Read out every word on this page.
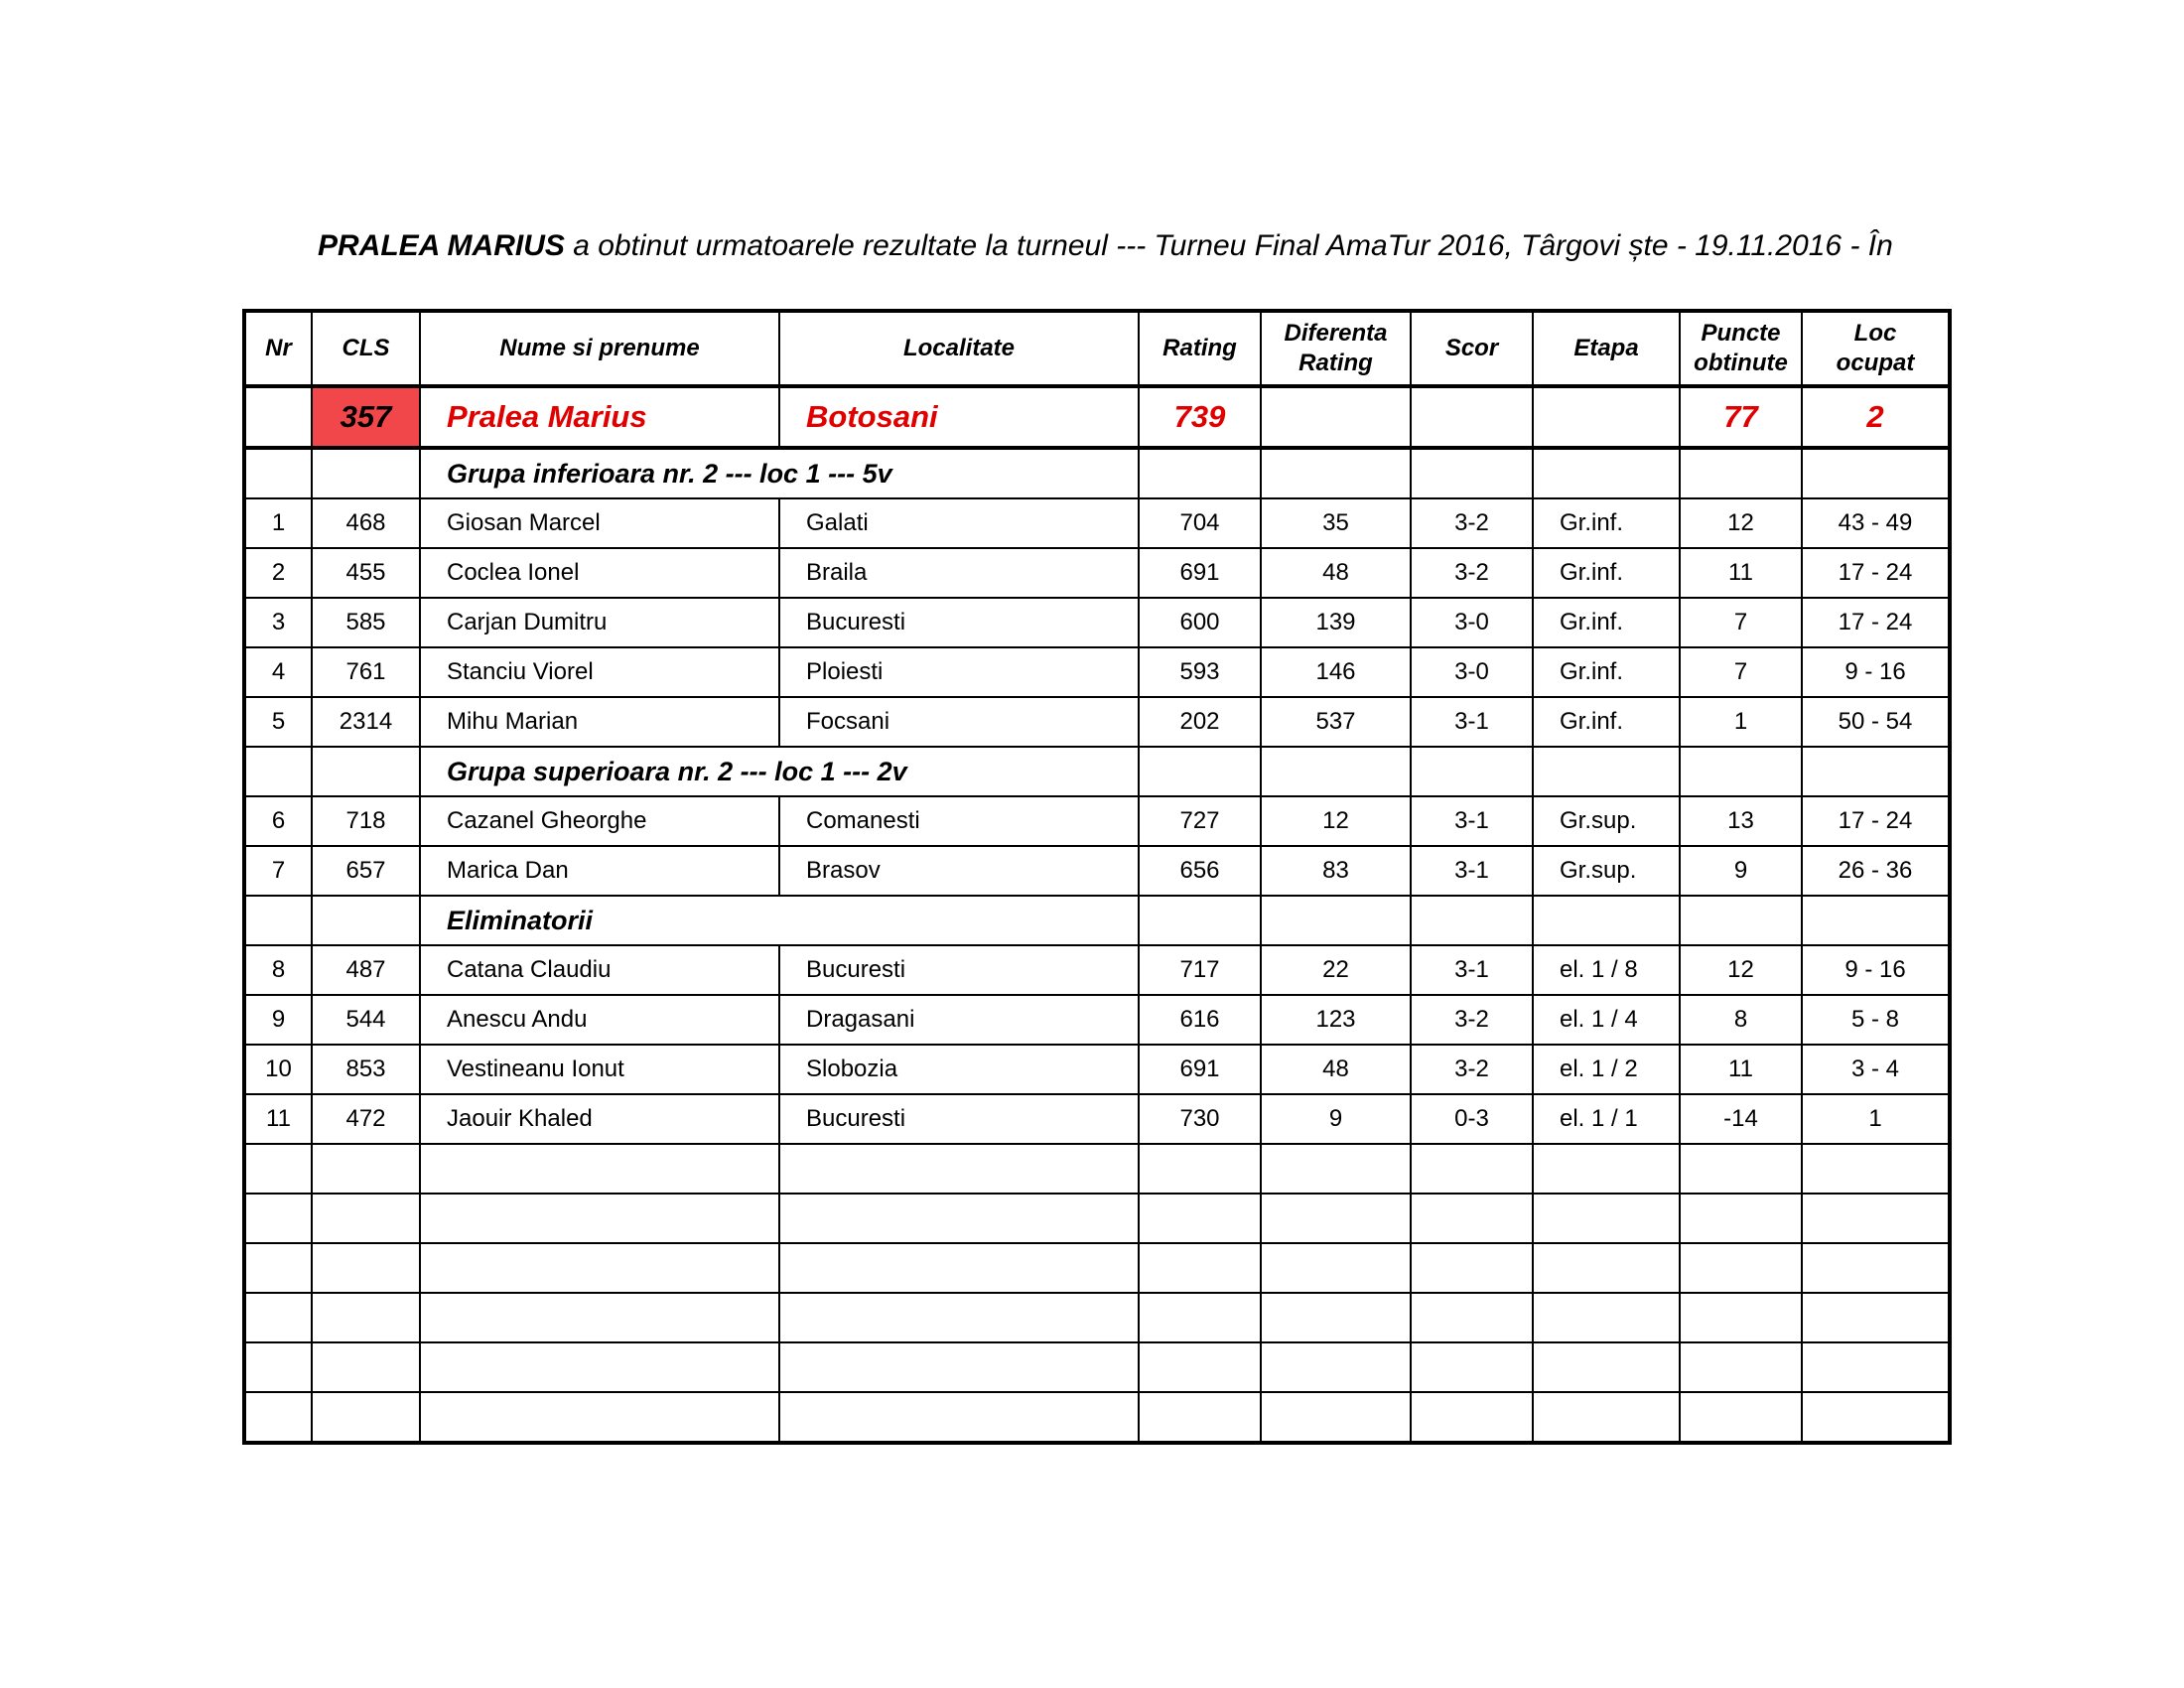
PRALEA MARIUS a obtinut urmatoarele rezultate la turneul --- Turneu Final AmaTur 2016, Târgovi ște - 19.11.2016 - În
Nr	CLS	Nume si prenume	Localitate	Rating	Diferenta Rating	Scor	Etapa	Puncte obtinute	Loc ocupat
	357	Pralea Marius	Botosani	739				77	2
		Grupa inferioara nr. 2 --- loc 1 --- 5v							
1	468	Giosan Marcel	Galati	704	35	3-2	Gr.inf.	12	43 - 49
2	455	Coclea Ionel	Braila	691	48	3-2	Gr.inf.	11	17 - 24
3	585	Carjan Dumitru	Bucuresti	600	139	3-0	Gr.inf.	7	17 - 24
4	761	Stanciu Viorel	Ploiesti	593	146	3-0	Gr.inf.	7	9 - 16
5	2314	Mihu Marian	Focsani	202	537	3-1	Gr.inf.	1	50 - 54
		Grupa superioara nr. 2 --- loc 1 --- 2v							
6	718	Cazanel Gheorghe	Comanesti	727	12	3-1	Gr.sup.	13	17 - 24
7	657	Marica Dan	Brasov	656	83	3-1	Gr.sup.	9	26 - 36
		Eliminatorii							
8	487	Catana Claudiu	Bucuresti	717	22	3-1	el. 1 / 8	12	9 - 16
9	544	Anescu Andu	Dragasani	616	123	3-2	el. 1 / 4	8	5 - 8
10	853	Vestineanu Ionut	Slobozia	691	48	3-2	el. 1 / 2	11	3 - 4
11	472	Jaouir Khaled	Bucuresti	730	9	0-3	el. 1 / 1	-14	1
